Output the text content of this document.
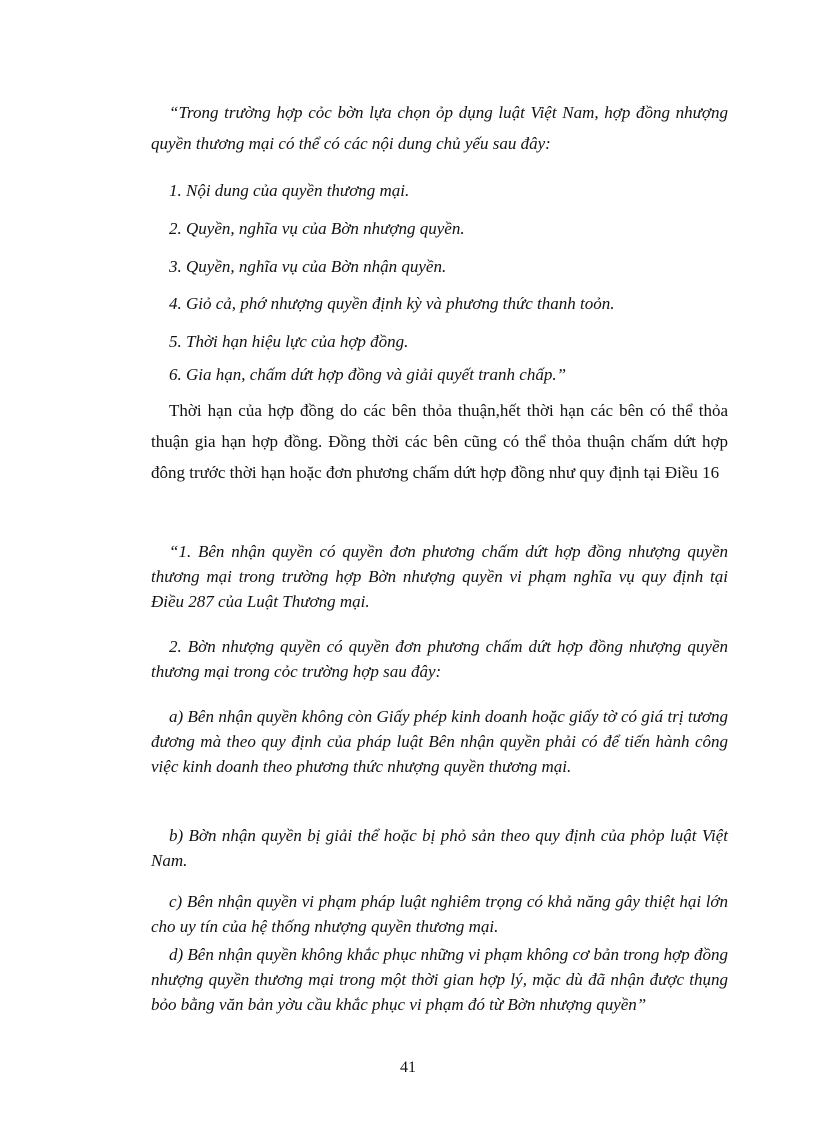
“Trong trường hợp cỏc bờn lựa chọn ỏp dụng luật Việt Nam, hợp đồng nhượng quyền thương mại có thể có các nội dung chủ yếu sau đây:

1. Nội dung của quyền thương mại.

2. Quyền, nghĩa vụ của Bờn nhượng quyền.

3. Quyền, nghĩa vụ của Bờn nhận quyền.

4. Giỏ cả, phớ nhượng quyền định kỳ và phương thức thanh toỏn.

5. Thời hạn hiệu lực của hợp đồng.

6. Gia hạn, chấm dứt hợp đồng và giải quyết tranh chấp.”

Thời hạn của hợp đồng do các bên thỏa thuận,hết thời hạn các bên có thể thỏa thuận gia hạn hợp đồng. Đồng thời các bên cũng có thể thỏa thuận chấm dứt hợp đông trước thời hạn hoặc đơn phương chấm dứt hợp đồng như quy định tại Điều 16

“1. Bên nhận quyền có quyền đơn phương chấm dứt hợp đồng nhượng quyền thương mại trong trường hợp Bờn nhượng quyền vi phạm nghĩa vụ quy định tại Điều 287 của Luật Thương mại.

2. Bờn nhượng quyền có quyền đơn phương chấm dứt hợp đồng nhượng quyền thương mại trong cỏc trường hợp sau đây:

a) Bên nhận quyền không còn Giấy phép kinh doanh hoặc giấy tờ có giá trị tương đương mà theo quy định của pháp luật Bên nhận quyền phải có để tiến hành công việc kinh doanh theo phương thức nhượng quyền thương mại.

b) Bờn nhận quyền bị giải thể hoặc bị phỏ sản theo quy định của phỏp luật Việt Nam.

c) Bên nhận quyền vi phạm pháp luật nghiêm trọng có khả năng gây thiệt hại lớn cho uy tín của hệ thống nhượng quyền thương mại.

d) Bên nhận quyền không khắc phục những vi phạm không cơ bản trong hợp đồng nhượng quyền thương mại trong một thời gian hợp lý, mặc dù đã nhận được thụng bỏo bằng văn bản yờu cầu khắc phục vi phạm đó từ Bờn nhượng quyền”

41
